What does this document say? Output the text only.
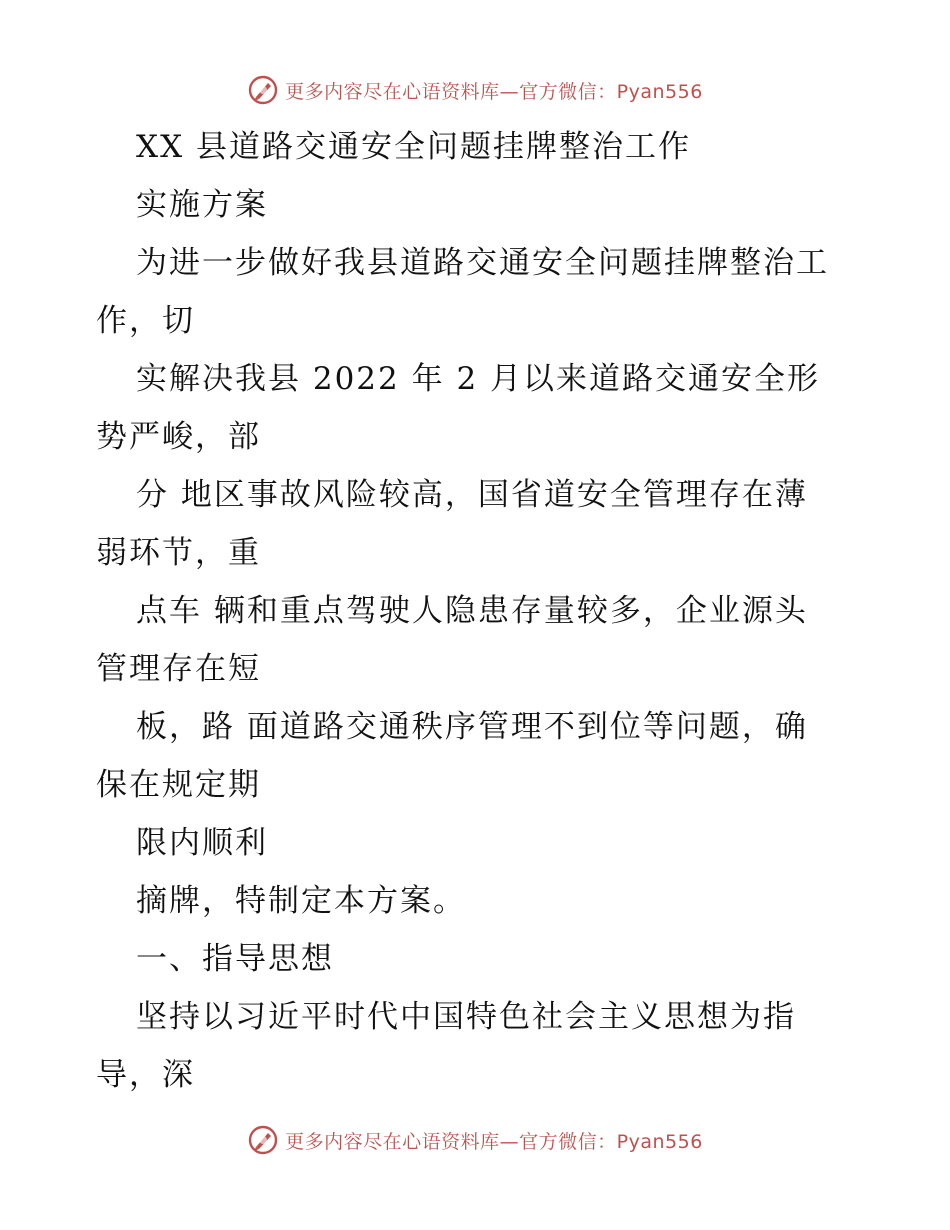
更多内容尽在心语资料库—官方微信：Pyan556
XX 县道路交通安全问题挂牌整治工作
实施方案
为进一步做好我县道路交通安全问题挂牌整治工
作，切
实解决我县 2022 年 2 月以来道路交通安全形
势严峻，部
分 地区事故风险较高，国省道安全管理存在薄
弱环节，重
点车 辆和重点驾驶人隐患存量较多，企业源头
管理存在短
板，路 面道路交通秩序管理不到位等问题，确
保在规定期
限内顺利
摘牌，特制定本方案。
一、指导思想
坚持以习近平时代中国特色社会主义思想为指
导，深
更多内容尽在心语资料库—官方微信：Pyan556
